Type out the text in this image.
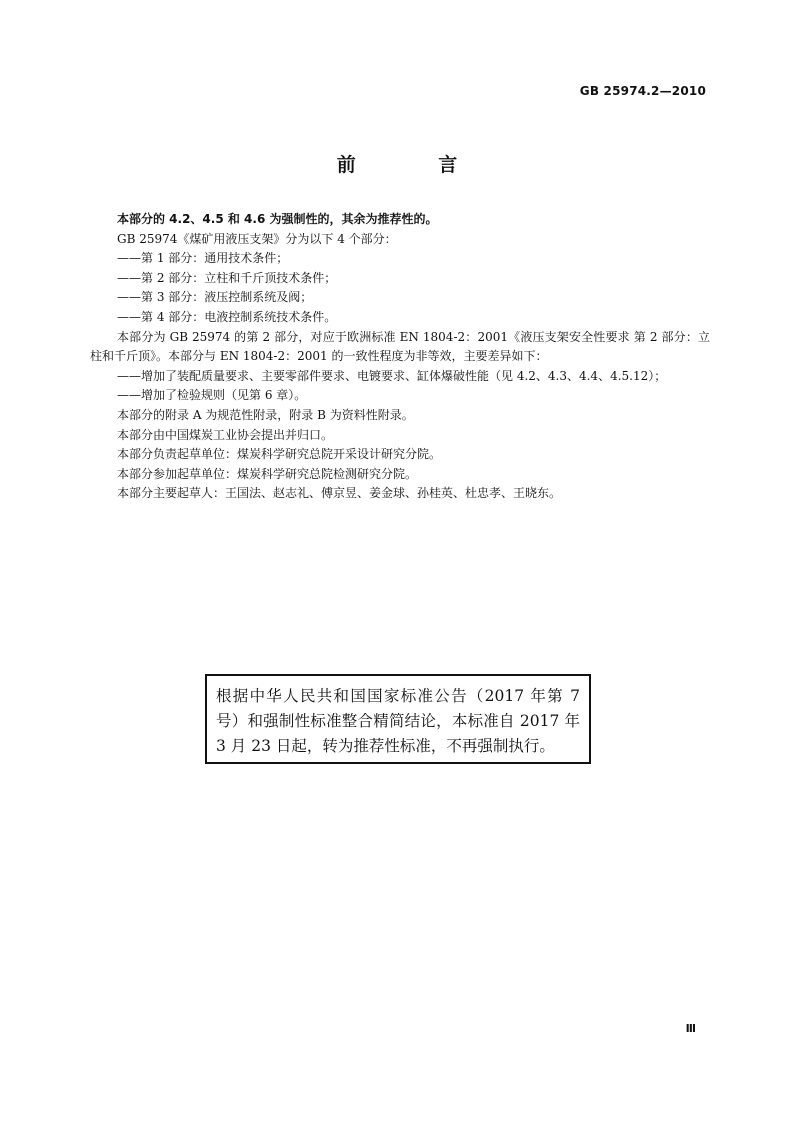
GB 25974.2—2010
前 言

本部分的 4.2、4.5 和 4.6 为强制性的，其余为推荐性的。

GB 25974《煤矿用液压支架》分为以下 4 个部分：

——第 1 部分：通用技术条件；

——第 2 部分：立柱和千斤顶技术条件；

——第 3 部分：液压控制系统及阀；

——第 4 部分：电液控制系统技术条件。

本部分为 GB 25974 的第 2 部分，对应于欧洲标准 EN 1804-2：2001《液压支架安全性要求 第 2 部分：立柱和千斤顶》。本部分与 EN 1804-2：2001 的一致性程度为非等效，主要差异如下：

——增加了装配质量要求、主要零部件要求、电镀要求、缸体爆破性能（见 4.2、4.3、4.4、4.5.12）；

——增加了检验规则（见第 6 章）。

本部分的附录 A 为规范性附录，附录 B 为资料性附录。

本部分由中国煤炭工业协会提出并归口。

本部分负责起草单位：煤炭科学研究总院开采设计研究分院。

本部分参加起草单位：煤炭科学研究总院检测研究分院。

本部分主要起草人：王国法、赵志礼、傅京昱、姜金球、孙桂英、杜忠孝、王晓东。

根据中华人民共和国国家标准公告（2017 年第 7 号）和强制性标准整合精简结论，本标准自 2017 年 3 月 23 日起，转为推荐性标准，不再强制执行。
Ⅲ
